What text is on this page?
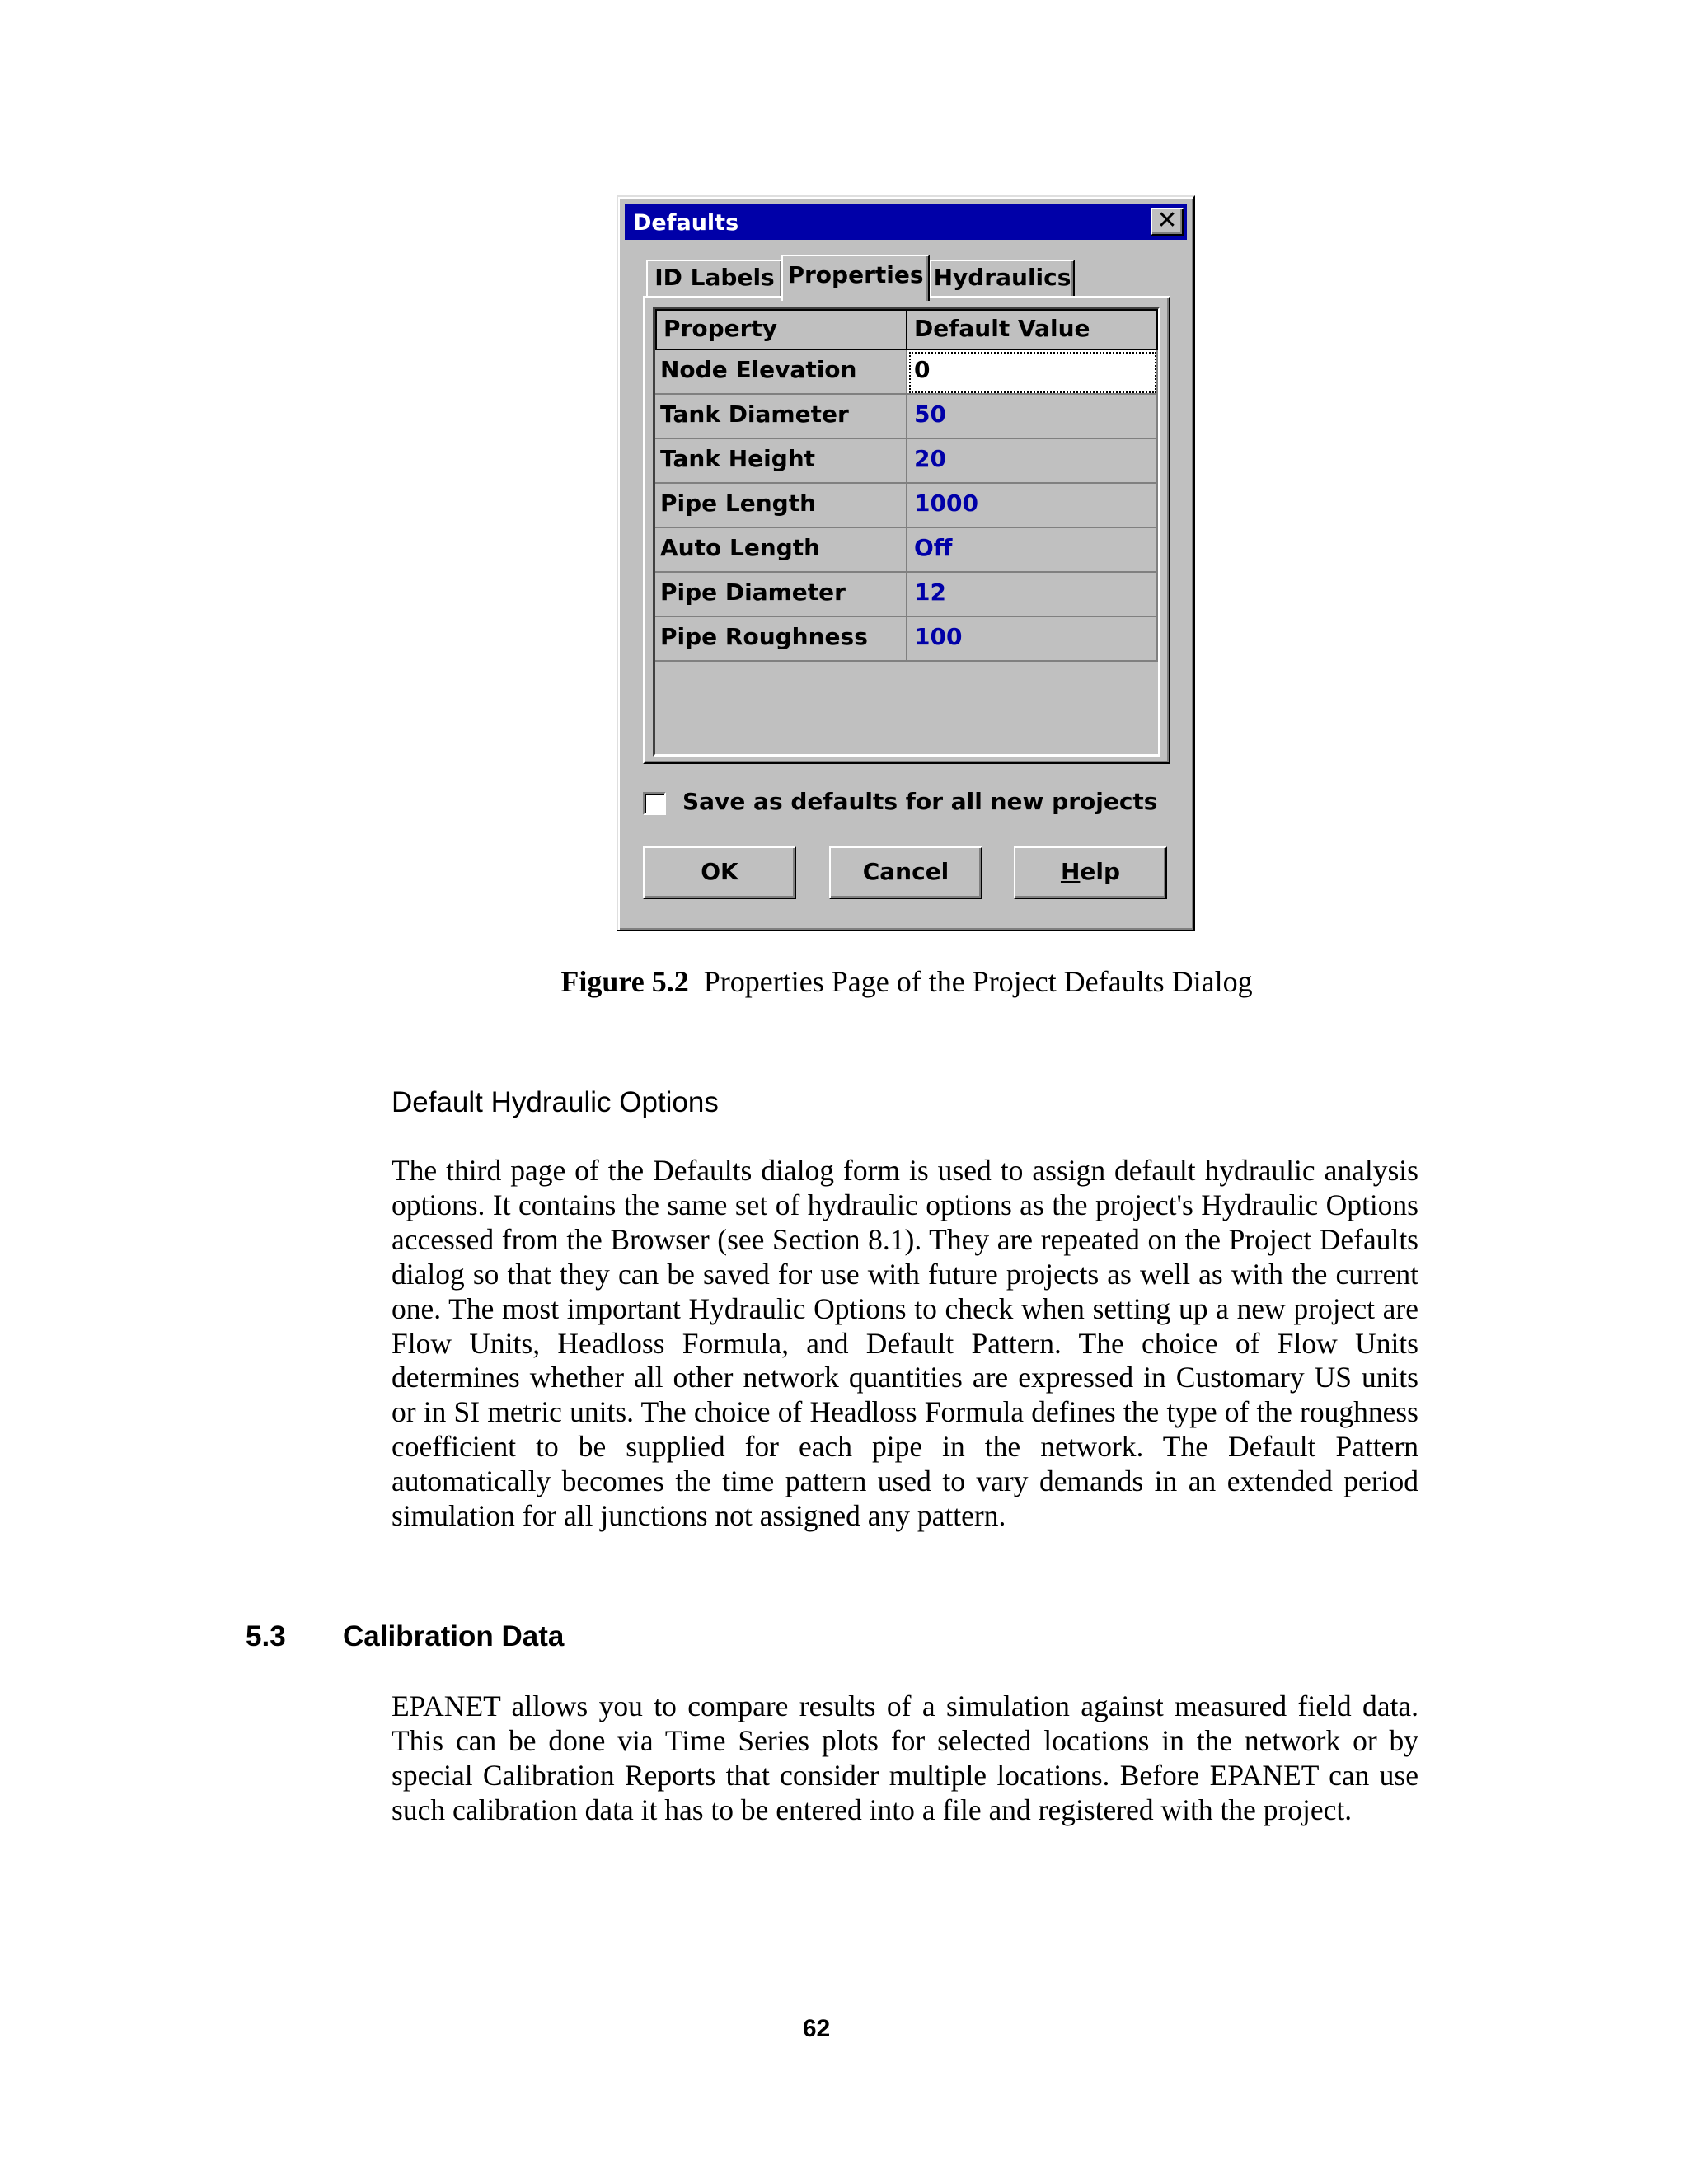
Defaults	✕
ID Labels Properties Hydraulics
Property	Default Value
Node Elevation	0
Tank Diameter	50
Tank Height	20
Pipe Length	1000
Auto Length	Off
Pipe Diameter	12
Pipe Roughness	100
Save as defaults for all new projects
OK	Cancel	Help
Figure 5.2 Properties Page of the Project Defaults Dialog
Default Hydraulic Options
The third page of the Defaults dialog form is used to assign default hydraulic analysis options. It contains the same set of hydraulic options as the project's Hydraulic Options accessed from the Browser (see Section 8.1). They are repeated on the Project Defaults dialog so that they can be saved for use with future projects as well as with the current one. The most important Hydraulic Options to check when setting up a new project are Flow Units, Headloss Formula, and Default Pattern. The choice of Flow Units determines whether all other network quantities are expressed in Customary US units or in SI metric units. The choice of Headloss Formula defines the type of the roughness coefficient to be supplied for each pipe in the network. The Default Pattern automatically becomes the time pattern used to vary demands in an extended period simulation for all junctions not assigned any pattern.
5.3 Calibration Data
EPANET allows you to compare results of a simulation against measured field data. This can be done via Time Series plots for selected locations in the network or by special Calibration Reports that consider multiple locations. Before EPANET can use such calibration data it has to be entered into a file and registered with the project.
62
